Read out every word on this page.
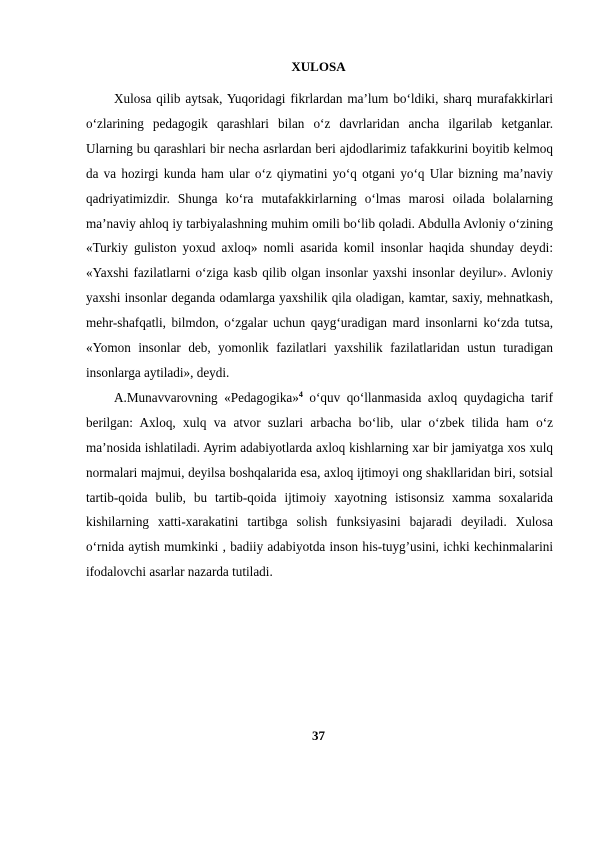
XULOSA

Xulosa qilib aytsak, Yuqoridagi fikrlardan ma’lum bo‘ldiki, sharq murafakkirlari o‘zlarining pedagogik qarashlari bilan o‘z davrlaridan ancha ilgarilab ketganlar. Ularning bu qarashlari bir necha asrlardan beri ajdodlarimiz tafakkurini boyitib kelmoq da va hozirgi kunda ham ular o‘z qiymatini yo‘q otgani yo‘q Ular bizning ma’naviy qadriyatimizdir. Shunga ko‘ra mutafakkirlarning o‘lmas marosi oilada bolalarning ma’naviy ahloq iy tarbiyalashning muhim omili bo‘lib qoladi. Abdulla Avloniy o‘zining «Turkiy guliston yoxud axloq» nomli asarida komil insonlar haqida shunday deydi: «Yaxshi fazilatlarni o‘ziga kasb qilib olgan insonlar yaxshi insonlar deyilur». Avloniy yaxshi insonlar deganda odamlarga yaxshilik qila oladigan, kamtar, saxiy, mehnatkash, mehr-shafqatli, bilmdon, o‘zgalar uchun qayg‘uradigan mard insonlarni ko‘zda tutsa, «Yomon insonlar deb, yomonlik fazilatlari yaxshilik fazilatlaridan ustun turadigan insonlarga aytiladi», deydi.

A.Munavvarovning «Pedagogika»$^4$ o‘quv qo‘llanmasida axloq quydagicha tarif berilgan: Axloq, xulq va atvor suzlari arbacha bo‘lib, ular o‘zbek tilida ham o‘z ma’nosida ishlatiladi. Ayrim adabiyotlarda axloq kishlarning xar bir jamiyatga xos xulq normalari majmui, deyilsa boshqalarida esa, axloq ijtimoyi ong shakllaridan biri, sotsial tartib-qoida bulib, bu tartib-qoida ijtimoiy xayotning istisonsiz xamma soxalarida kishilarning xatti-xarakatini tartibga solish funksiyasini bajaradi deyiladi. Xulosa o‘rnida aytish mumkinki , badiiy adabiyotda inson his-tuyg’usini, ichki kechinmalarini ifodalovchi asarlar nazarda tutiladi.

37
